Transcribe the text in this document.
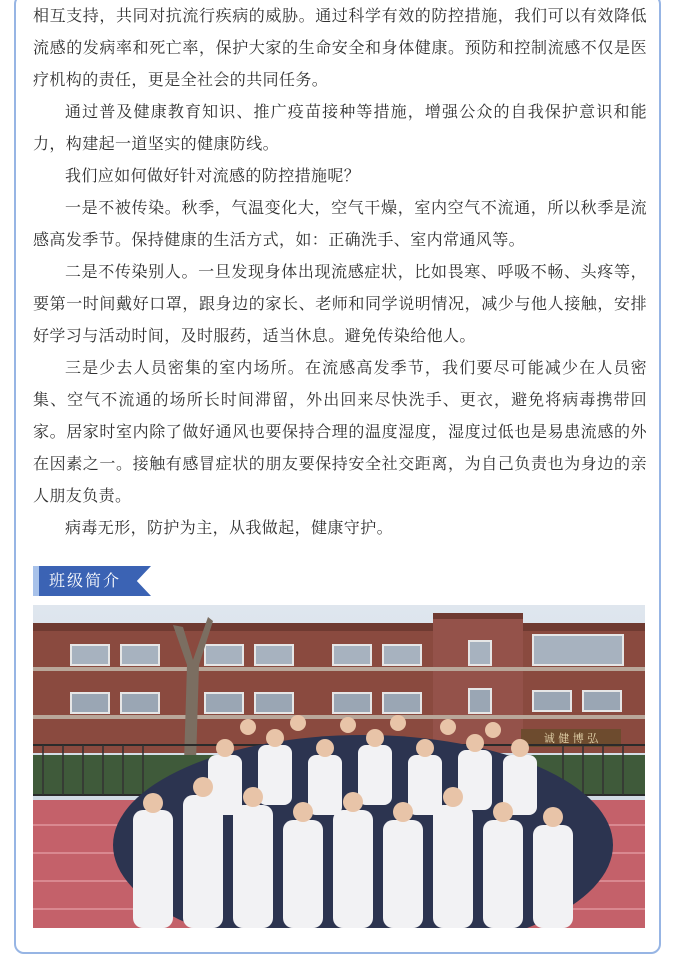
相互支持，共同对抗流行疾病的威胁。通过科学有效的防控措施，我们可以有效降低流感的发病率和死亡率，保护大家的生命安全和身体健康。预防和控制流感不仅是医疗机构的责任，更是全社会的共同任务。

通过普及健康教育知识、推广疫苗接种等措施，增强公众的自我保护意识和能力，构建起一道坚实的健康防线。

我们应如何做好针对流感的防控措施呢？

一是不被传染。秋季，气温变化大，空气干燥，室内空气不流通，所以秋季是流感高发季节。保持健康的生活方式，如：正确洗手、室内常通风等。

二是不传染别人。一旦发现身体出现流感症状，比如畏寒、呼吸不畅、头疼等，要第一时间戴好口罩，跟身边的家长、老师和同学说明情况，减少与他人接触，安排好学习与活动时间，及时服药，适当休息。避免传染给他人。

三是少去人员密集的室内场所。在流感高发季节，我们要尽可能减少在人员密集、空气不流通的场所长时间滞留，外出回来尽快洗手、更衣，避免将病毒携带回家。居家时室内除了做好通风也要保持合理的温度湿度，湿度过低也是易患流感的外在因素之一。接触有感冒症状的朋友要保持安全社交距离，为自己负责也为身边的亲人朋友负责。

病毒无形，防护为主，从我做起，健康守护。

班级简介
诚 健 博 弘
